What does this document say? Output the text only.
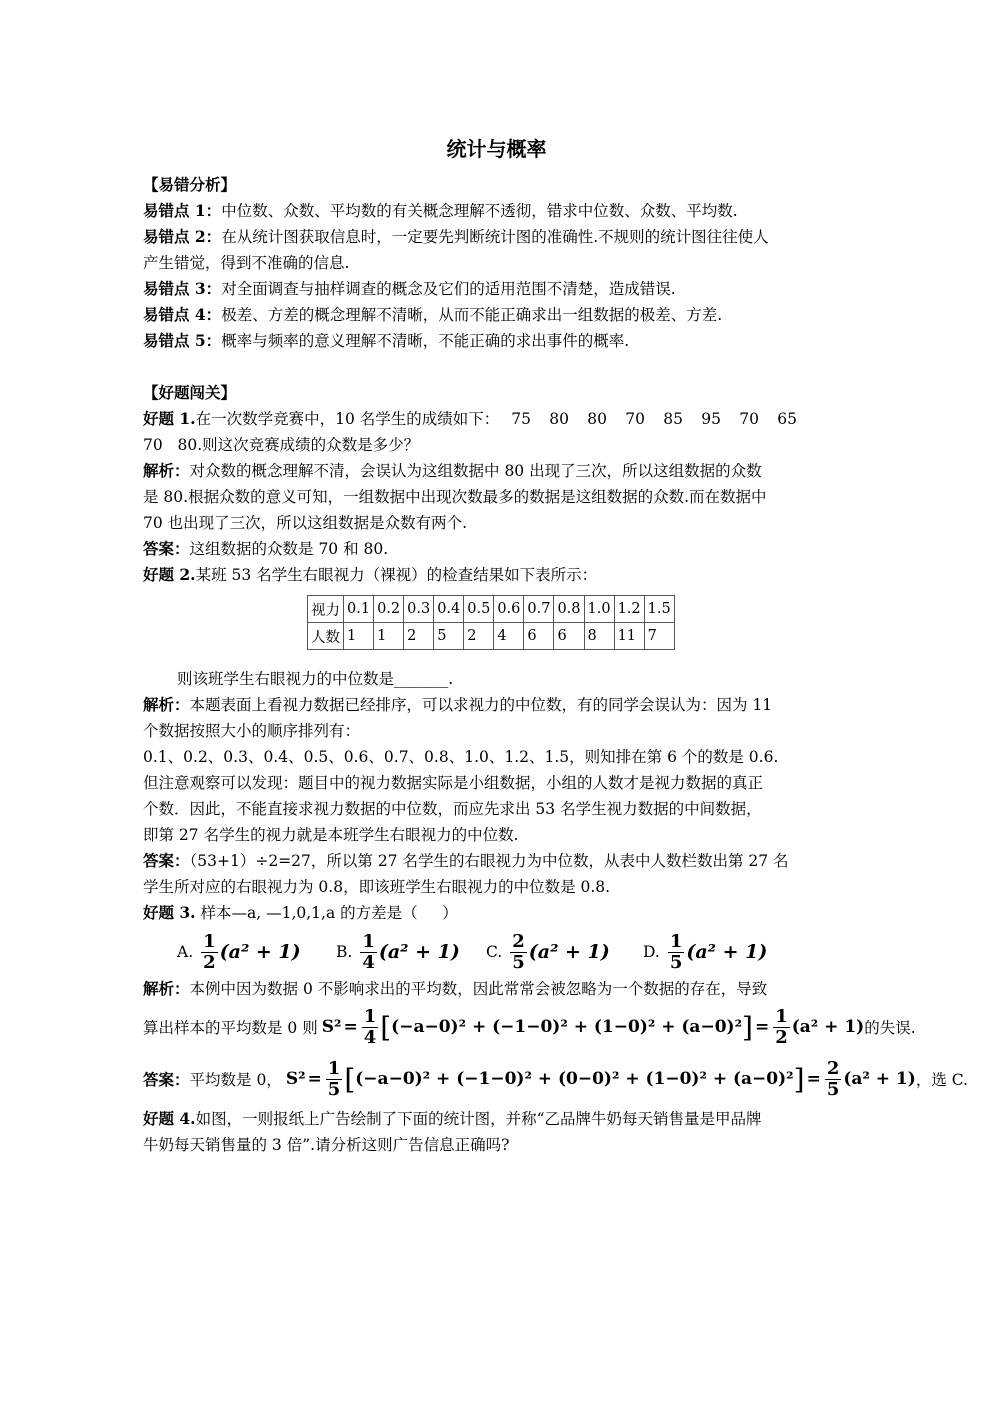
统计与概率
【易错分析】
易错点 1：中位数、众数、平均数的有关概念理解不透彻，错求中位数、众数、平均数.
易错点 2：在从统计图获取信息时，一定要先判断统计图的准确性.不规则的统计图往往使人
产生错觉，得到不准确的信息.
易错点 3：对全面调查与抽样调查的概念及它们的适用范围不清楚，造成错误.
易错点 4：极差、方差的概念理解不清晰，从而不能正确求出一组数据的极差、方差.
易错点 5：概率与频率的意义理解不清晰，不能正确的求出事件的概率.
【好题闯关】
好题 1.在一次数学竞赛中，10 名学生的成绩如下： 75 80 80 70 85 95 70 65
70   80.则这次竞赛成绩的众数是多少？
解析：对众数的概念理解不清，会误认为这组数据中 80 出现了三次，所以这组数据的众数
是 80.根据众数的意义可知，一组数据中出现次数最多的数据是这组数据的众数.而在数据中
70 也出现了三次，所以这组数据是众数有两个.
答案：这组数据的众数是 70 和 80.
好题 2.某班 53 名学生右眼视力（裸视）的检查结果如下表所示：
视力	0.1	0.2	0.3	0.4	0.5	0.6	0.7	0.8	1.0	1.2	1.5
人数	1	1	2	5	2	4	6	6	8	11	7
则该班学生右眼视力的中位数是_______.
解析：本题表面上看视力数据已经排序，可以求视力的中位数，有的同学会误认为：因为 11
个数据按照大小的顺序排列有：
0.1、0.2、0.3、0.4、0.5、0.6、0.7、0.8、1.0、1.2、1.5，则知排在第 6 个的数是 0.6.
但注意观察可以发现：题目中的视力数据实际是小组数据，小组的人数才是视力数据的真正
个数．因此，不能直接求视力数据的中位数，而应先求出 53 名学生视力数据的中间数据，
即第 27 名学生的视力就是本班学生右眼视力的中位数.
答案：（53+1）÷2=27，所以第 27 名学生的右眼视力为中位数，从表中人数栏数出第 27 名
学生所对应的右眼视力为 0.8，即该班学生右眼视力的中位数是 0.8.
好题 3. 样本—a, —1,0,1,a 的方差是（     ）
A. $\frac{1}{2} (a^2 + 1)$ B. $\frac{1}{4} (a^2 + 1)$ C. $\frac{2}{5} (a^2 + 1)$ D. $\frac{1}{5} (a^2 + 1)$
解析：本例中因为数据 0 不影响求出的平均数，因此常常会被忽略为一个数据的存在，导致
算出样本的平均数是 0 则 $S^2 = \frac{1}{4}$ [ (−a−0)² + (−1−0)² + (1−0)² + (a−0)² ] = $\frac{1}{2} (a^2 + 1)$ 的失误.
答案： 平均数是 0， $S^2 = \frac{1}{5}$ [ (−a−0)² + (−1−0)² + (0−0)² + (1−0)² + (a−0)² ] = $\frac{2}{5} (a^2 + 1)$ ，选 C.
好题 4.如图，一则报纸上广告绘制了下面的统计图，并称“乙品牌牛奶每天销售量是甲品牌
牛奶每天销售量的 3 倍”.请分析这则广告信息正确吗?
